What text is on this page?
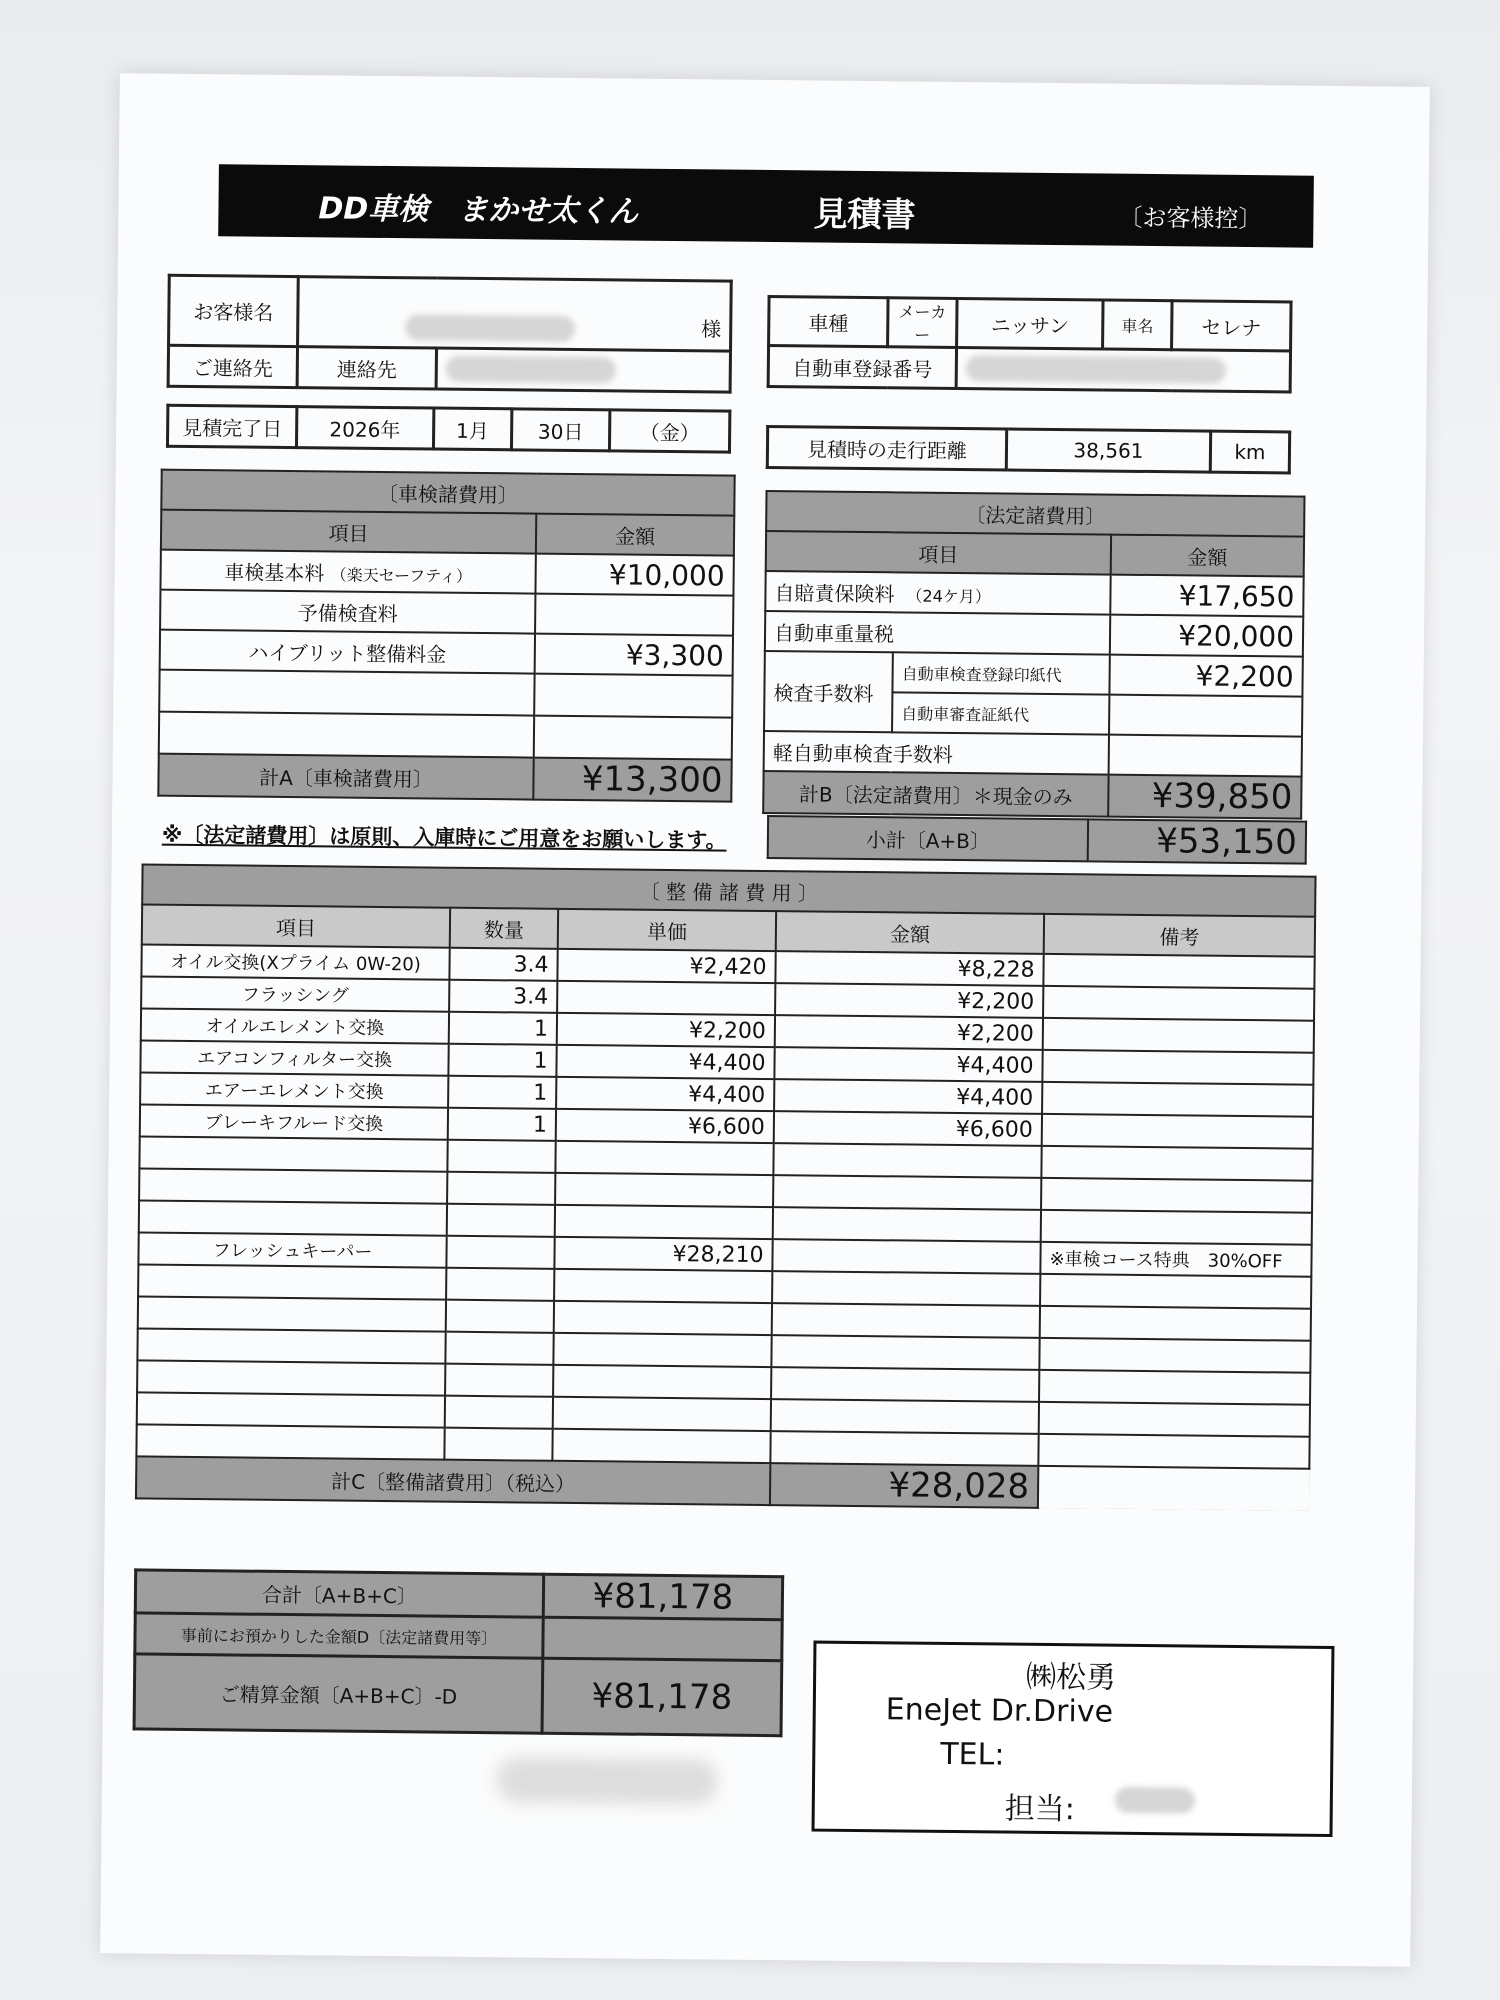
DD車検　まかせ太くん	見積書	〔お客様控〕
お客様名	様	
ご連絡先	連絡先	
車種	メーカー	ニッサン	車名	セレナ
自動車登録番号				
見積完了日	2026年	1月	30日	（金）
見積時の走行距離	38,561	km
〔車検諸費用〕	
項目	金額
車検基本料 （楽天セーフティ）	¥10,000
予備検査料	
ハイブリット整備料金	¥3,300

計A〔車検諸費用〕	¥13,300
〔法定諸費用〕		
項目		金額
自賠責保険料　 （24ケ月）		¥17,650
自動車重量税		¥20,000
検査手数料	自動車検査登録印紙代	¥2,200
	自動車審査証紙代	
軽自動車検査手数料		
計B〔法定諸費用〕＊現金のみ		¥39,850
※〔法定諸費用〕は原則、入庫時にご用意をお願いします。	小計〔A+B〕	¥53,150
〔 整 備 諸 費 用 〕				
項目	数量	単価	金額	備考
オイル交換(Xプライム 0W-20)	3.4	¥2,420	¥8,228	
フラッシング	3.4		¥2,200	
オイルエレメント交換	1	¥2,200	¥2,200	
エアコンフィルター交換	1	¥4,400	¥4,400	
エアーエレメント交換	1	¥4,400	¥4,400	
ブレーキフルード交換	1	¥6,600	¥6,600	

フレッシュキーパー		¥28,210		※車検コース特典　30%OFF

計C〔整備諸費用〕（税込）			¥28,028	
合計〔A+B+C〕	¥81,178
事前にお預かりした金額D〔法定諸費用等〕	
ご精算金額〔A+B+C〕-D	¥81,178	㈱松勇
EneJet Dr.Drive
TEL:
担当:
